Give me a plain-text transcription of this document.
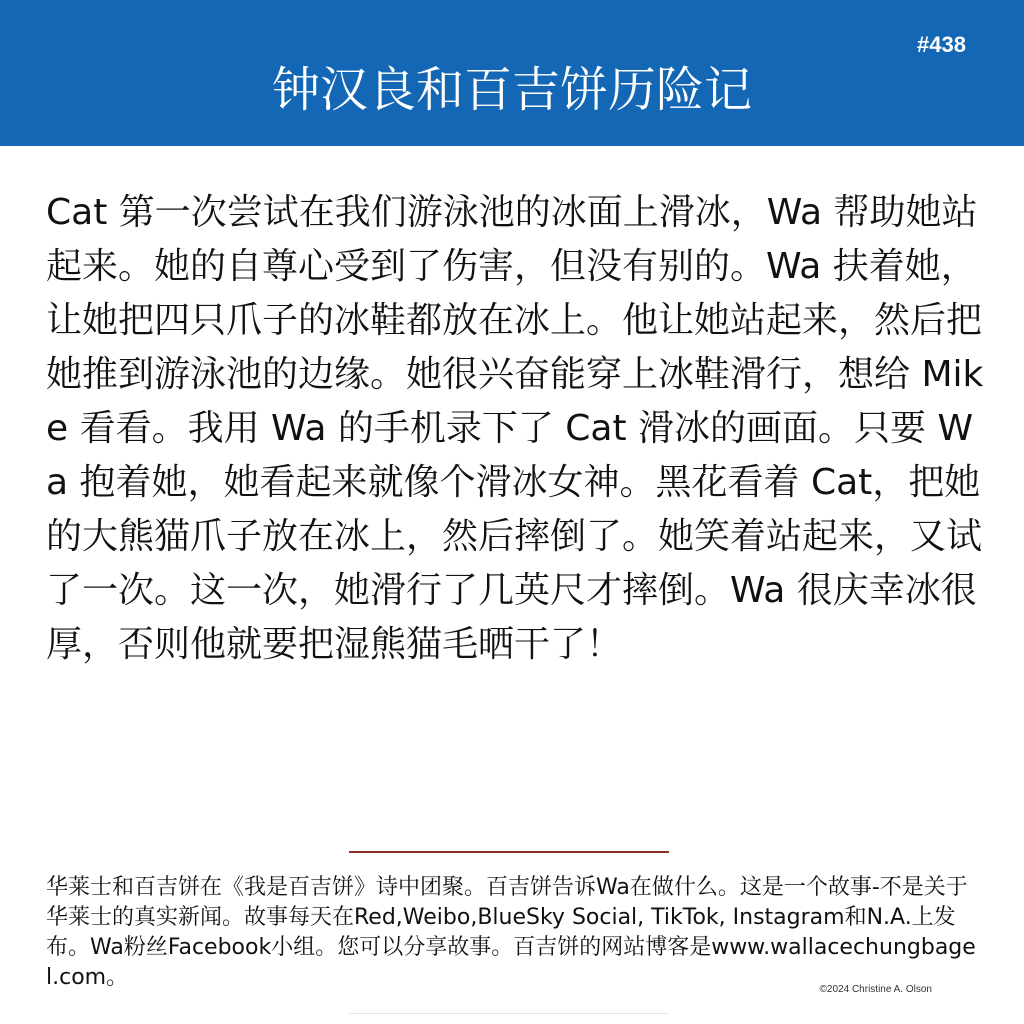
钟汉良和百吉饼历险记
#438
Cat 第一次尝试在我们游泳池的冰面上滑冰，Wa 帮助她站起来。她的自尊心受到了伤害，但没有别的。Wa 扶着她，让她把四只爪子的冰鞋都放在冰上。他让她站起来，然后把她推到游泳池的边缘。她很兴奋能穿上冰鞋滑行，想给 Mike 看看。我用 Wa 的手机录下了 Cat 滑冰的画面。只要 Wa 抱着她，她看起来就像个滑冰女神。黑花看着 Cat，把她的大熊猫爪子放在冰上，然后摔倒了。她笑着站起来，又试了一次。这一次，她滑行了几英尺才摔倒。Wa 很庆幸冰很厚，否则他就要把湿熊猫毛晒干了！
华莱士和百吉饼在《我是百吉饼》诗中团聚。百吉饼告诉Wa在做什么。这是一个故事-不是关于华莱士的真实新闻。故事每天在Red,Weibo,BlueSky Social, TikTok, Instagram和N.A.上发布。Wa粉丝Facebook小组。您可以分享故事。百吉饼的网站博客是www.wallacechungbagel.com。	©2024 Christine A. Olson
